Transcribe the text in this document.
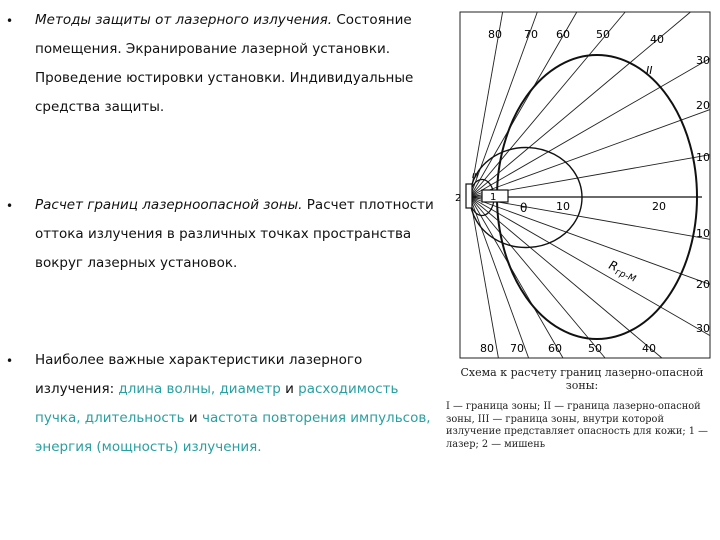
• Методы защиты от лазерного излучения. Состояние помещения. Экранирование лазерной установки. Проведение юстировки установки. Индивидуальные средства защиты.
• Расчет границ лазерноопасной зоны. Расчет плотности оттока излучения в различных точках пространства вокруг лазерных установок.
• Наиболее важные характеристики лазерного излучения: длина волны, диаметр и расходимость пучка, длительность и частота повторения импульсов, энергия (мощность) излучения.
80 70 60 50	40
30
20
10
10
20
30
80 70 60 50	40
10	20
II
III
1
2
θ
$R_{гр-М}$
Схема к расчету границ лазерно-опасной зоны:
I — граница зоны; II — граница лазерно-опасной зоны, III — граница зоны, внутри которой излучение представляет опасность для кожи; 1 — лазер; 2 — мишень
